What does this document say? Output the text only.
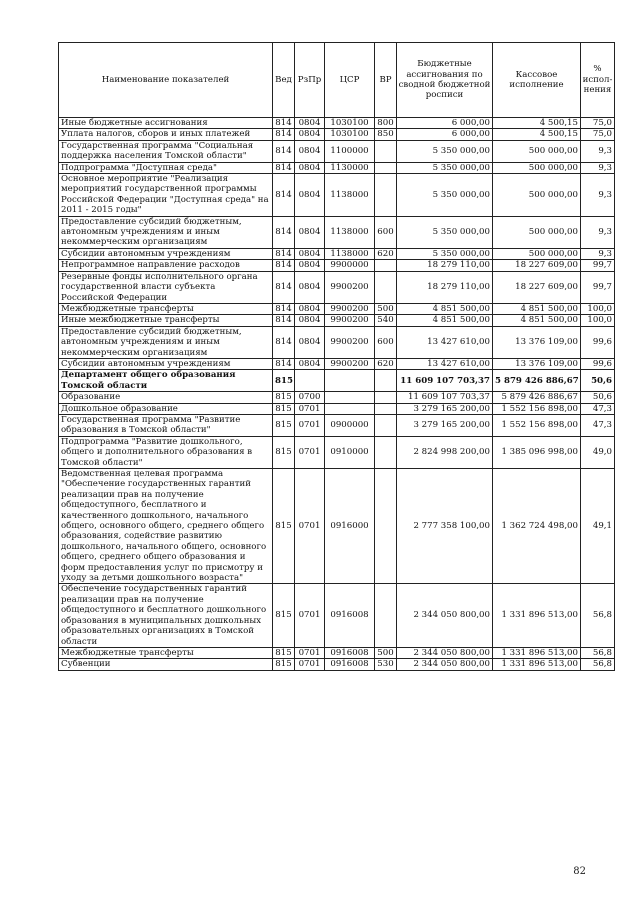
Наименование показателей	Вед	РзПр	ЦСР	ВР	Бюджетные ассигнования по сводной бюджетной росписи	Кассовое исполнение	% испол-нения
Иные бюджетные ассигнования	814	0804	1030100	800	6 000,00	4 500,15	75,0
Уплата налогов, сборов и иных платежей	814	0804	1030100	850	6 000,00	4 500,15	75,0
Государственная программа "Социальная поддержка населения Томской области"	814	0804	1100000		5 350 000,00	500 000,00	9,3
Подпрограмма "Доступная среда"	814	0804	1130000		5 350 000,00	500 000,00	9,3
Основное мероприятие "Реализация мероприятий государственной программы Российской Федерации "Доступная среда" на 2011 - 2015 годы"	814	0804	1138000		5 350 000,00	500 000,00	9,3
Предоставление субсидий бюджетным, автономным учреждениям и иным некоммерческим организациям	814	0804	1138000	600	5 350 000,00	500 000,00	9,3
Субсидии автономным учреждениям	814	0804	1138000	620	5 350 000,00	500 000,00	9,3
Непрограммное направление расходов	814	0804	9900000		18 279 110,00	18 227 609,00	99,7
Резервные фонды исполнительного органа государственной власти субъекта Российской Федерации	814	0804	9900200		18 279 110,00	18 227 609,00	99,7
Межбюджетные трансферты	814	0804	9900200	500	4 851 500,00	4 851 500,00	100,0
Иные межбюджетные трансферты	814	0804	9900200	540	4 851 500,00	4 851 500,00	100,0
Предоставление субсидий бюджетным, автономным учреждениям и иным некоммерческим организациям	814	0804	9900200	600	13 427 610,00	13 376 109,00	99,6
Субсидии автономным учреждениям	814	0804	9900200	620	13 427 610,00	13 376 109,00	99,6
Департамент общего образования Томской области	815				11 609 107 703,37	5 879 426 886,67	50,6
Образование	815	0700			11 609 107 703,37	5 879 426 886,67	50,6
Дошкольное образование	815	0701			3 279 165 200,00	1 552 156 898,00	47,3
Государственная программа "Развитие образования в Томской области"	815	0701	0900000		3 279 165 200,00	1 552 156 898,00	47,3
Подпрограмма "Развитие дошкольного, общего и дополнительного образования в Томской области"	815	0701	0910000		2 824 998 200,00	1 385 096 998,00	49,0
Ведомственная целевая программа "Обеспечение государственных гарантий реализации прав на получение общедоступного, бесплатного и качественного дошкольного, начального общего, основного общего, среднего общего образования, содействие развитию дошкольного, начального общего, основного общего, среднего общего образования и форм предоставления услуг по присмотру и уходу за детьми дошкольного возраста"	815	0701	0916000		2 777 358 100,00	1 362 724 498,00	49,1
Обеспечение государственных гарантий реализации прав на получение общедоступного и бесплатного дошкольного образования в муниципальных дошкольных образовательных организациях в Томской области	815	0701	0916008		2 344 050 800,00	1 331 896 513,00	56,8
Межбюджетные трансферты	815	0701	0916008	500	2 344 050 800,00	1 331 896 513,00	56,8
Субвенции	815	0701	0916008	530	2 344 050 800,00	1 331 896 513,00	56,8
82
